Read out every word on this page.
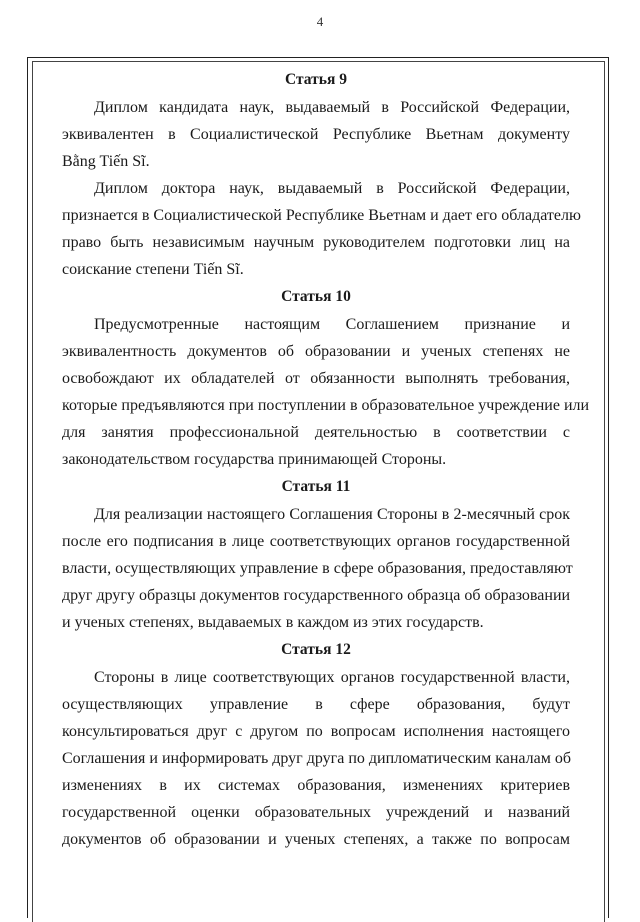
4
Статья 9
Диплом кандидата наук, выдаваемый в Российской Федерации,
эквивалентен в Социалистической Республике Вьетнам документу
Bằng Tiến Sĩ.
Диплом доктора наук, выдаваемый в Российской Федерации,
признается в Социалистической Республике Вьетнам и дает его обладателю
право быть независимым научным руководителем подготовки лиц на
соискание степени Tiến Sĩ.
Статья 10
Предусмотренные настоящим Соглашением признание и
эквивалентность документов об образовании и ученых степенях не
освобождают их обладателей от обязанности выполнять требования,
которые предъявляются при поступлении в образовательное учреждение или
для занятия профессиональной деятельностью в соответствии с
законодательством государства принимающей Стороны.
Статья 11
Для реализации настоящего Соглашения Стороны в 2-месячный срок
после его подписания в лице соответствующих органов государственной
власти, осуществляющих управление в сфере образования, предоставляют
друг другу образцы документов государственного образца об образовании
и ученых степенях, выдаваемых в каждом из этих государств.
Статья 12
Стороны в лице соответствующих органов государственной власти,
осуществляющих управление в сфере образования, будут
консультироваться друг с другом по вопросам исполнения настоящего
Соглашения и информировать друг друга по дипломатическим каналам об
изменениях в их системах образования, изменениях критериев
государственной оценки образовательных учреждений и названий
документов об образовании и ученых степенях, а также по вопросам
